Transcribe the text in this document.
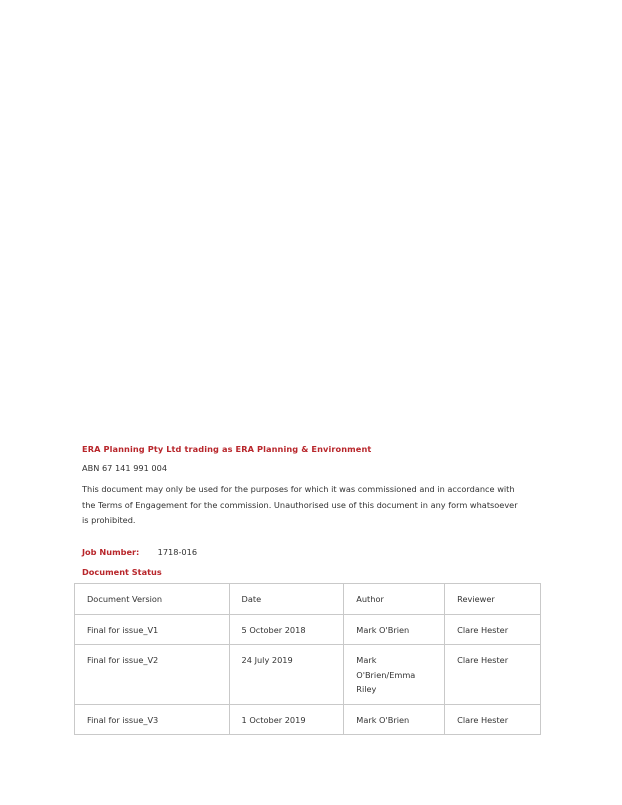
ERA Planning Pty Ltd trading as ERA Planning & Environment
ABN 67 141 991 004
This document may only be used for the purposes for which it was commissioned and in accordance with the Terms of Engagement for the commission. Unauthorised use of this document in any form whatsoever is prohibited.
Job Number: 1718-016
Document Status
Document Version	Date	Author	Reviewer
Final for issue_V1	5 October 2018	Mark O'Brien	Clare Hester
Final for issue_V2	24 July 2019	Mark O'Brien/Emma Riley	Clare Hester
Final for issue_V3	1 October 2019	Mark O'Brien	Clare Hester
